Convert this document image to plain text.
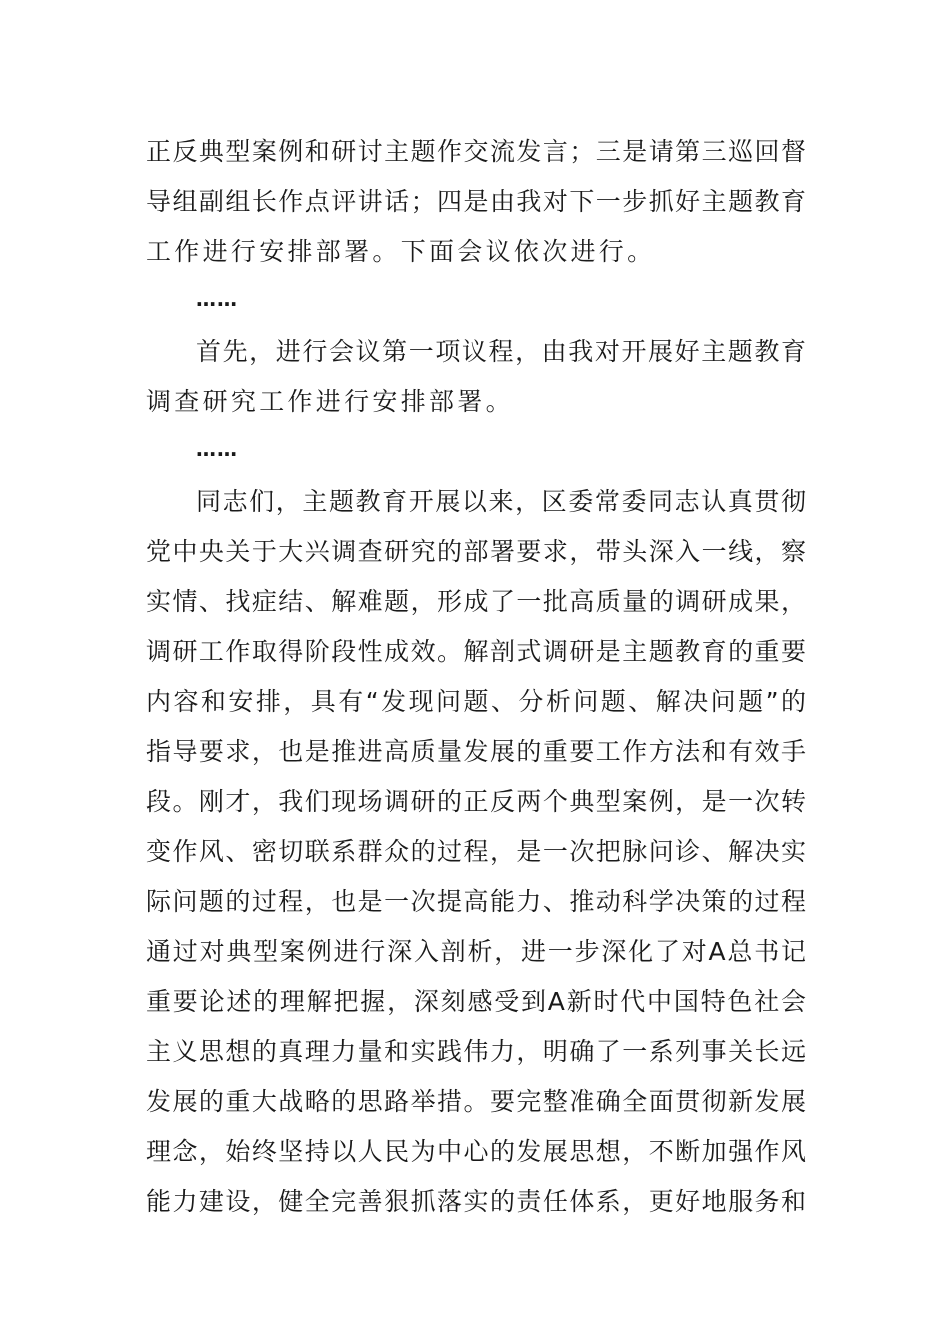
正反典型案例和研讨主题作交流发言；三是请第三巡回督
导组副组长作点评讲话；四是由我对下一步抓好主题教育
工作进行安排部署。下面会议依次进行。
……
首先，进行会议第一项议程，由我对开展好主题教育
调查研究工作进行安排部署。
……
同志们，主题教育开展以来，区委常委同志认真贯彻
党中央关于大兴调查研究的部署要求，带头深入一线，察
实情、找症结、解难题，形成了一批高质量的调研成果，
调研工作取得阶段性成效。解剖式调研是主题教育的重要
内容和安排，具有“发现问题、分析问题、解决问题”的
指导要求，也是推进高质量发展的重要工作方法和有效手
段。刚才，我们现场调研的正反两个典型案例，是一次转
变作风、密切联系群众的过程，是一次把脉问诊、解决实
际问题的过程，也是一次提高能力、推动科学决策的过程
通过对典型案例进行深入剖析，进一步深化了对A总书记
重要论述的理解把握，深刻感受到A新时代中国特色社会
主义思想的真理力量和实践伟力，明确了一系列事关长远
发展的重大战略的思路举措。要完整准确全面贯彻新发展
理念，始终坚持以人民为中心的发展思想，不断加强作风
能力建设，健全完善狠抓落实的责任体系，更好地服务和
